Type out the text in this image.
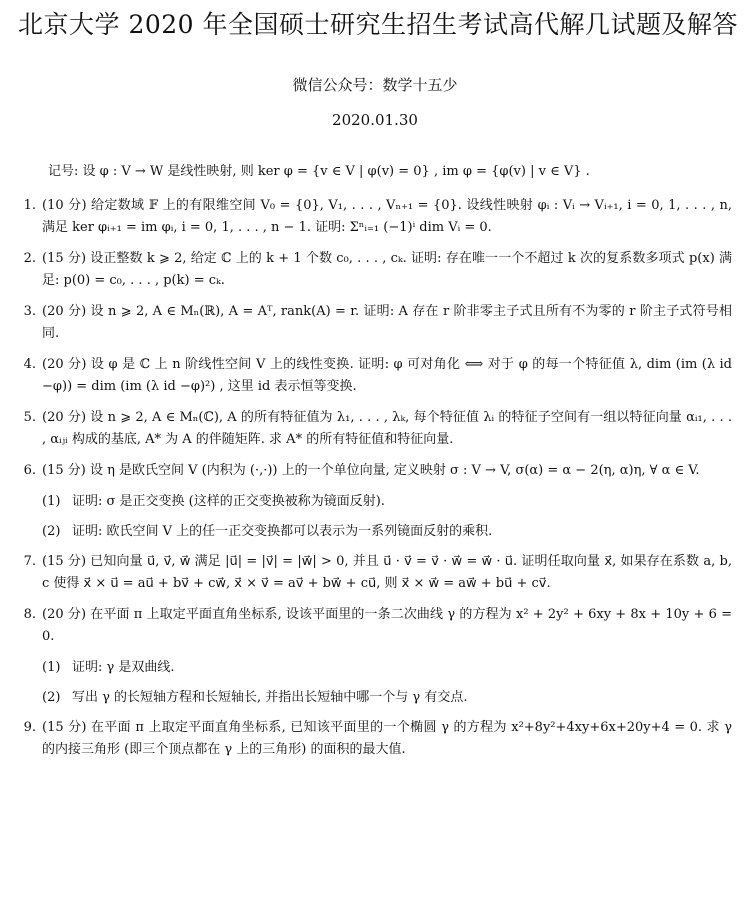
北京大学 2020 年全国硕士研究生招生考试高代解几试题及解答
微信公众号：数学十五少
2020.01.30
记号: 设 φ : V → W 是线性映射, 则 ker φ = {v ∈ V | φ(v) = 0} , im φ = {φ(v) | v ∈ V} .
1. (10 分) 给定数域 𝔽 上的有限维空间 V₀ = {0}, V₁, . . . , Vₙ₊₁ = {0}. 设线性映射 φᵢ : Vᵢ → Vᵢ₊₁, i = 0, 1, . . . , n, 满足 ker φᵢ₊₁ = im φᵢ, i = 0, 1, . . . , n − 1. 证明: Σⁿᵢ₌₁ (−1)ⁱ dim Vᵢ = 0.
2. (15 分) 设正整数 k ⩾ 2, 给定 ℂ 上的 k + 1 个数 c₀, . . . , cₖ. 证明: 存在唯一一个不超过 k 次的复系数多项式 p(x) 满足: p(0) = c₀, . . . , p(k) = cₖ.
3. (20 分) 设 n ⩾ 2, A ∈ Mₙ(ℝ), A = Aᵀ, rank(A) = r. 证明: A 存在 r 阶非零主子式且所有不为零的 r 阶主子式符号相同.
4. (20 分) 设 φ 是 ℂ 上 n 阶线性空间 V 上的线性变换. 证明: φ 可对角化 ⟺ 对于 φ 的每一个特征值 λ, dim (im (λ id −φ)) = dim (im (λ id −φ)²) , 这里 id 表示恒等变换.
5. (20 分) 设 n ⩾ 2, A ∈ Mₙ(ℂ), A 的所有特征值为 λ₁, . . . , λₖ, 每个特征值 λᵢ 的特征子空间有一组以特征向量 αᵢ₁, . . . , αᵢⱼᵢ 构成的基底, A* 为 A 的伴随矩阵. 求 A* 的所有特征值和特征向量.
6. (15 分) 设 η 是欧氏空间 V (内积为 (·,·)) 上的一个单位向量, 定义映射 σ : V → V, σ(α) = α − 2(η, α)η, ∀ α ∈ V.
(1) 证明: σ 是正交变换 (这样的正交变换被称为镜面反射).
(2) 证明: 欧氏空间 V 上的任一正交变换都可以表示为一系列镜面反射的乘积.
7. (15 分) 已知向量 u⃗, v⃗, w⃗ 满足 |u⃗| = |v⃗| = |w⃗| > 0, 并且 u⃗ · v⃗ = v⃗ · w⃗ = w⃗ · u⃗. 证明任取向量 x⃗, 如果存在系数 a, b, c 使得 x⃗ × u⃗ = au⃗ + bv⃗ + cw⃗, x⃗ × v⃗ = av⃗ + bw⃗ + cu⃗, 则 x⃗ × w⃗ = aw⃗ + bu⃗ + cv⃗.
8. (20 分) 在平面 π 上取定平面直角坐标系, 设该平面里的一条二次曲线 γ 的方程为 x² + 2y² + 6xy + 8x + 10y + 6 = 0.
(1) 证明: γ 是双曲线.
(2) 写出 γ 的长短轴方程和长短轴长, 并指出长短轴中哪一个与 γ 有交点.
9. (15 分) 在平面 π 上取定平面直角坐标系, 已知该平面里的一个椭圆 γ 的方程为 x²+8y²+4xy+6x+20y+4 = 0. 求 γ 的内接三角形 (即三个顶点都在 γ 上的三角形) 的面积的最大值.
